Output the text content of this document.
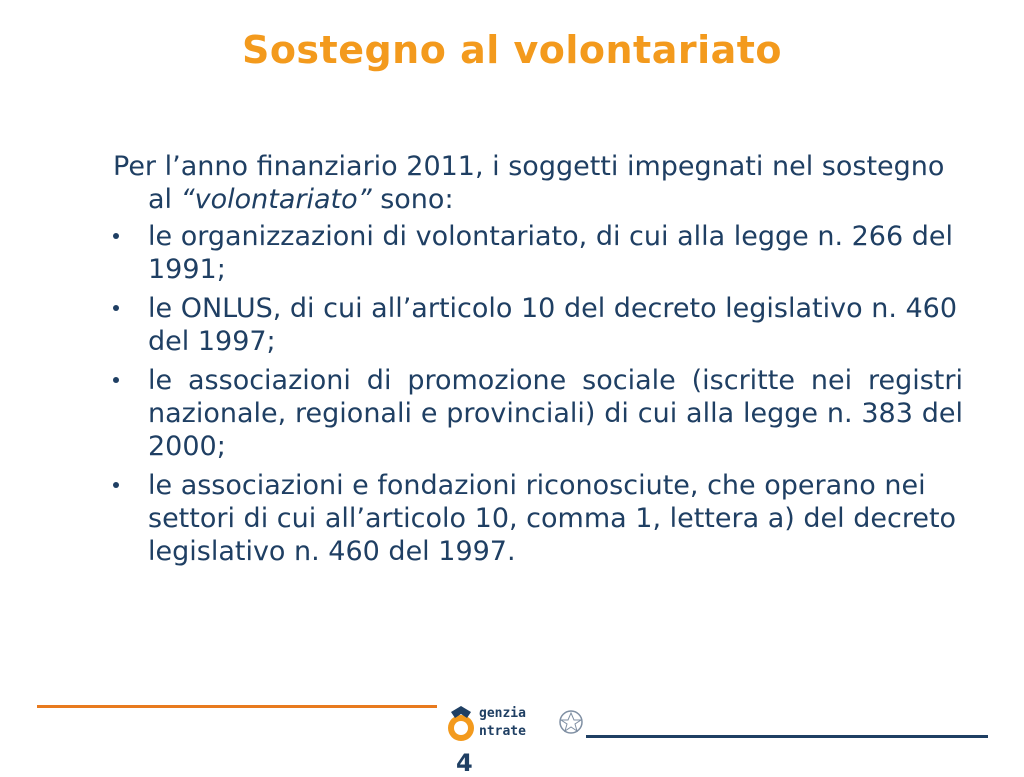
Sostegno al volontariato

Per l’anno finanziario 2011, i soggetti impegnati nel sostegno al “volontariato” sono:

le organizzazioni di volontariato, di cui alla legge n. 266 del 1991;
le ONLUS, di cui all’articolo 10 del decreto legislativo n. 460 del 1997;
le associazioni di promozione sociale (iscritte nei registri nazionale, regionali e provinciali) di cui alla legge n. 383 del 2000;
le associazioni e fondazioni riconosciute, che operano nei settori di cui all’articolo 10, comma 1, lettera a) del decreto legislativo n. 460 del 1997.
genzia
ntrate
4
